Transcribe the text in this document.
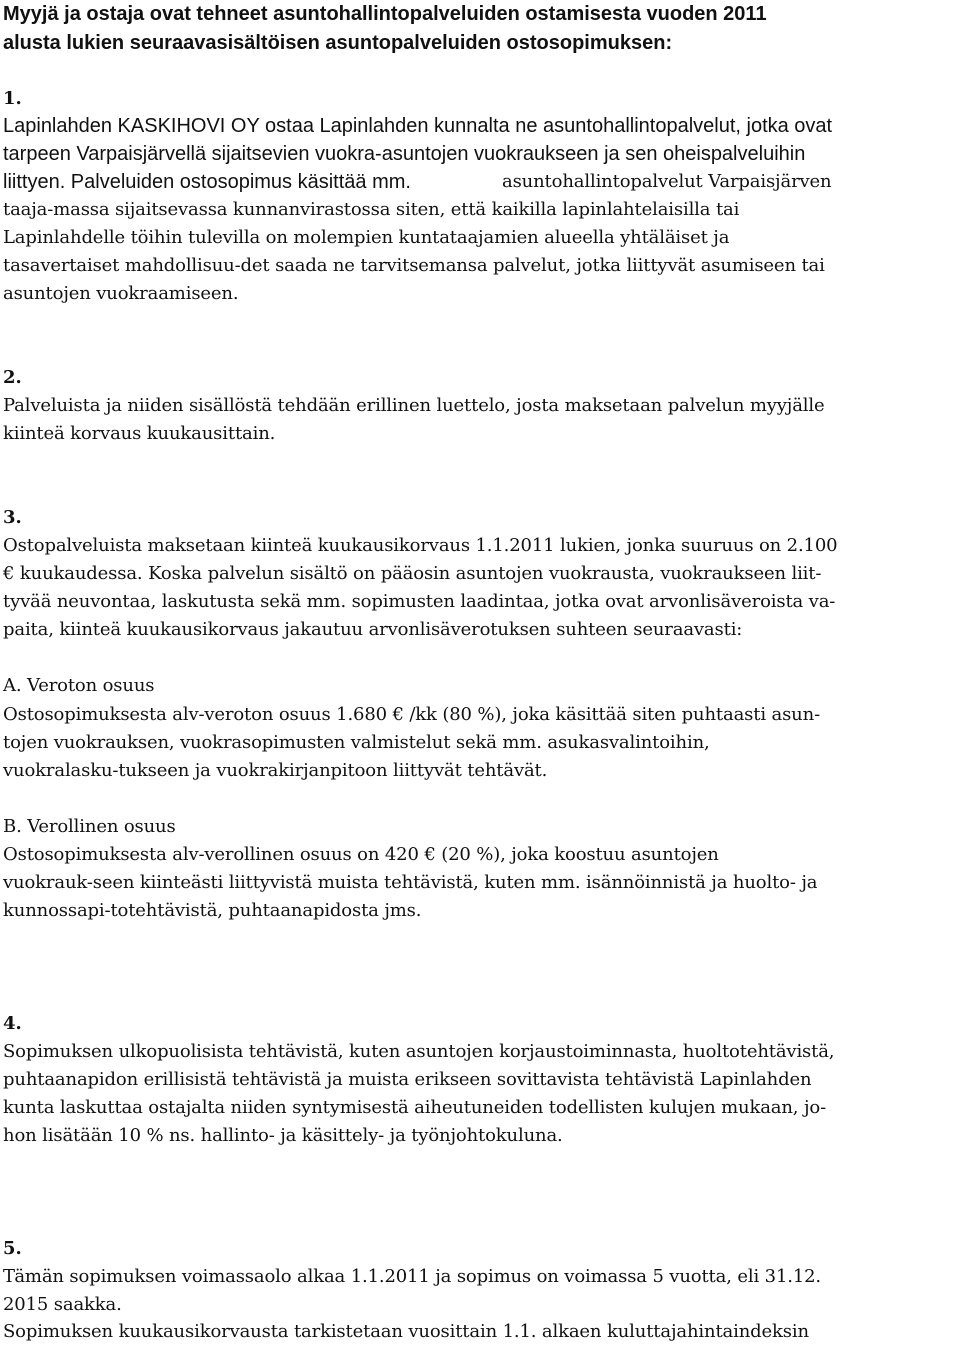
Myyjä ja ostaja ovat tehneet asuntohallintopalveluiden ostamisesta vuoden 2011

alusta lukien seuraavasisältöisen asuntopalveluiden ostosopimuksen:

1.

Lapinlahden KASKIHOVI OY ostaa Lapinlahden kunnalta ne asuntohallintopalvelut, jotka ovat

tarpeen Varpaisjärvellä sijaitsevien vuokra-asuntojen vuokraukseen ja sen oheispalveluihin

liittyen. Palveluiden ostosopimus käsittää mm.	asuntohallintopalvelut Varpaisjärven

taaja-massa sijaitsevassa kunnanvirastossa siten, että kaikilla lapinlahtelaisilla tai

Lapinlahdelle töihin tulevilla on molempien kuntataajamien alueella yhtäläiset ja

tasavertaiset mahdollisuu-det saada ne tarvitsemansa palvelut, jotka liittyvät asumiseen tai

asuntojen vuokraamiseen.

2.

Palveluista ja niiden sisällöstä tehdään erillinen luettelo, josta maksetaan palvelun myyjälle

kiinteä korvaus kuukausittain.

3.

Ostopalveluista maksetaan kiinteä kuukausikorvaus 1.1.2011 lukien, jonka suuruus on 2.100

€ kuukaudessa. Koska palvelun sisältö on pääosin asuntojen vuokrausta, vuokraukseen liit-

tyvää neuvontaa, laskutusta sekä mm. sopimusten laadintaa, jotka ovat arvonlisäveroista va-

paita, kiinteä kuukausikorvaus jakautuu arvonlisäverotuksen suhteen seuraavasti:

A. Veroton osuus

Ostosopimuksesta alv-veroton osuus 1.680 € /kk (80 %), joka käsittää siten puhtaasti asun-

tojen vuokrauksen, vuokrasopimusten valmistelut sekä mm. asukasvalintoihin,

vuokralasku-tukseen ja vuokrakirjanpitoon liittyvät tehtävät.

B. Verollinen osuus

Ostosopimuksesta alv-verollinen osuus on 420 € (20 %), joka koostuu asuntojen

vuokrauk-seen kiinteästi liittyvistä muista tehtävistä, kuten mm. isännöinnistä ja huolto- ja

kunnossapi-totehtävistä, puhtaanapidosta jms.

4.

Sopimuksen ulkopuolisista tehtävistä, kuten asuntojen korjaustoiminnasta, huoltotehtävistä,

puhtaanapidon erillisistä tehtävistä ja muista erikseen sovittavista tehtävistä Lapinlahden

kunta laskuttaa ostajalta niiden syntymisestä aiheutuneiden todellisten kulujen mukaan, jo-

hon lisätään 10 % ns. hallinto- ja käsittely- ja työnjohtokuluna.

5.

Tämän sopimuksen voimassaolo alkaa 1.1.2011 ja sopimus on voimassa 5 vuotta, eli 31.12.

2015 saakka.

Sopimuksen kuukausikorvausta tarkistetaan vuosittain 1.1. alkaen kuluttajahintaindeksin
